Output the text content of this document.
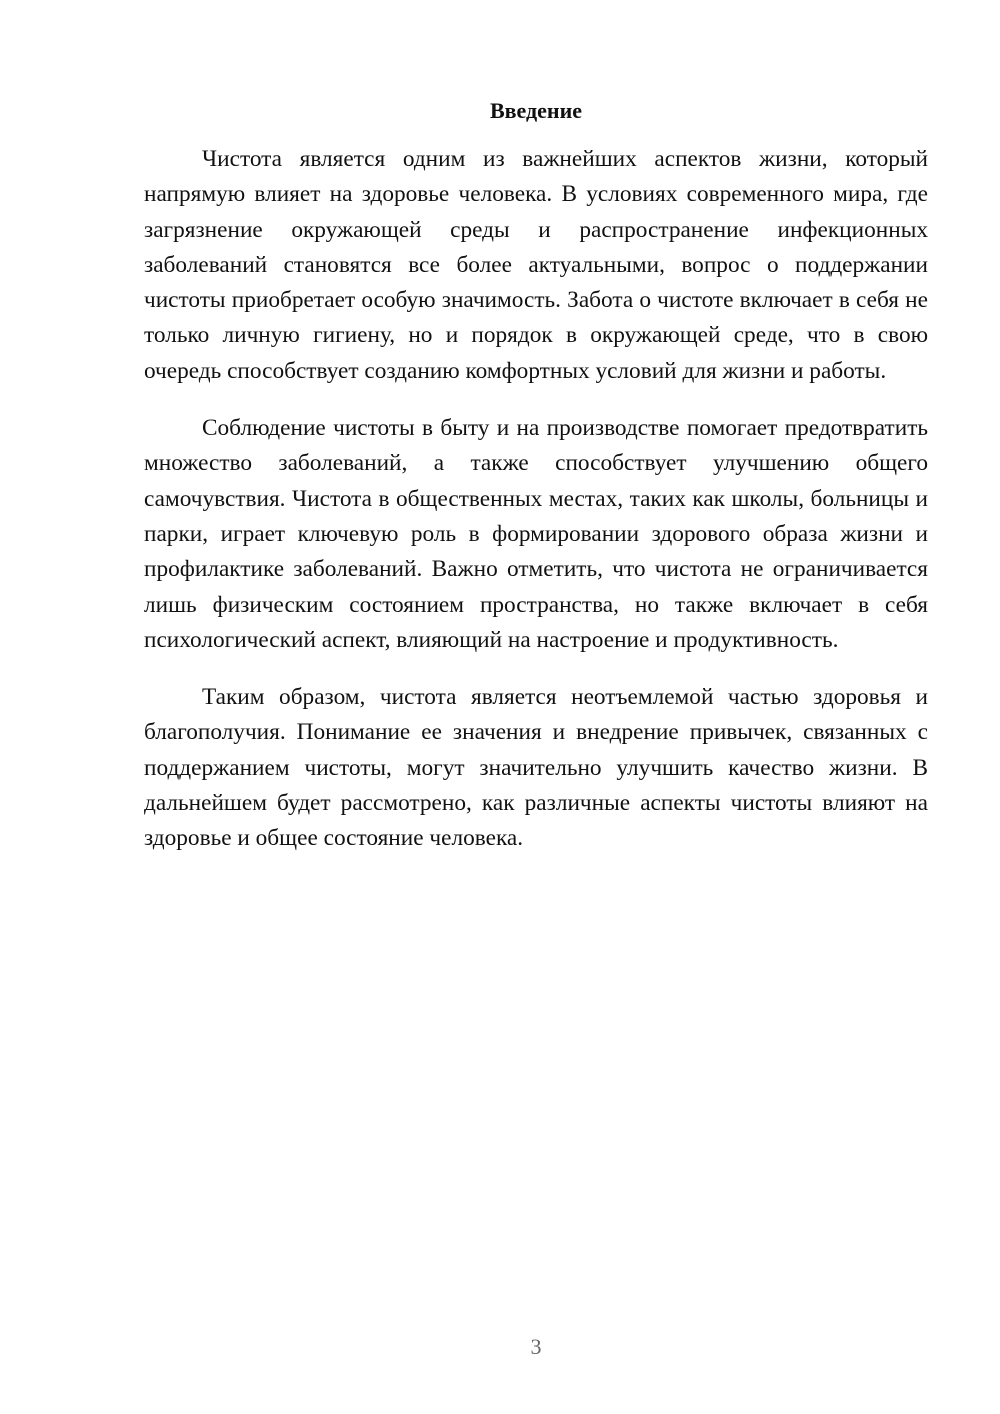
Введение

Чистота является одним из важнейших аспектов жизни, который напрямую влияет на здоровье человека. В условиях современного мира, где загрязнение окружающей среды и распространение инфекционных заболеваний становятся все более актуальными, вопрос о поддержании чистоты приобретает особую значимость. Забота о чистоте включает в себя не только личную гигиену, но и порядок в окружающей среде, что в свою очередь способствует созданию комфортных условий для жизни и работы.

Соблюдение чистоты в быту и на производстве помогает предотвратить множество заболеваний, а также способствует улучшению общего самочувствия. Чистота в общественных местах, таких как школы, больницы и парки, играет ключевую роль в формировании здорового образа жизни и профилактике заболеваний. Важно отметить, что чистота не ограничивается лишь физическим состоянием пространства, но также включает в себя психологический аспект, влияющий на настроение и продуктивность.

Таким образом, чистота является неотъемлемой частью здоровья и благополучия. Понимание ее значения и внедрение привычек, связанных с поддержанием чистоты, могут значительно улучшить качество жизни. В дальнейшем будет рассмотрено, как различные аспекты чистоты влияют на здоровье и общее состояние человека.

3
